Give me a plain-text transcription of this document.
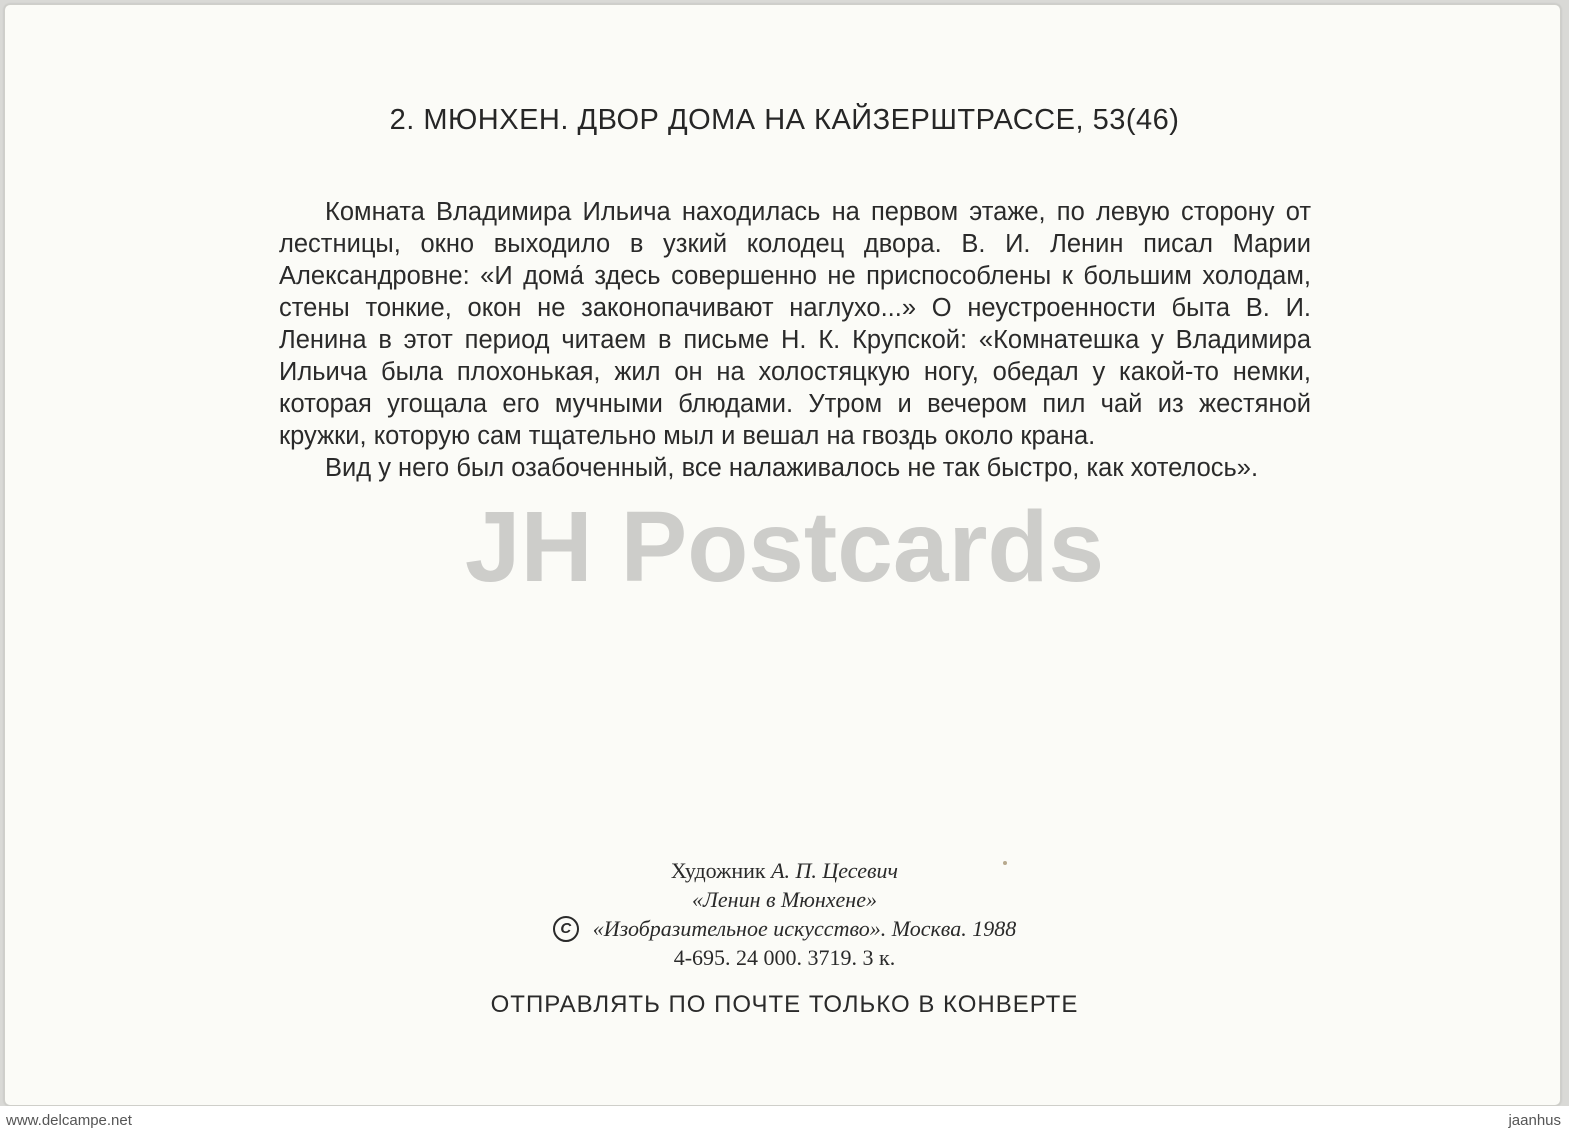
2. МЮНХЕН. ДВОР ДОМА НА КАЙЗЕРШТРАССЕ, 53(46)

Комната Владимира Ильича находилась на первом этаже, по левую сторону от лестницы, окно выходило в узкий колодец двора. В. И. Ленин писал Марии Александровне: «И дома́ здесь совершенно не приспособлены к большим холодам, стены тонкие, окон не законопачивают наглухо...» О неустроенности быта В. И. Ленина в этот период читаем в письме Н. К. Крупской: «Комнатешка у Владимира Ильича была плохонькая, жил он на холостяцкую ногу, обедал у какой-то немки, которая угощала его мучными блюдами. Утром и вечером пил чай из жестяной кружки, которую сам тщательно мыл и вешал на гвоздь около крана.

Вид у него был озабоченный, все налаживалось не так быстро, как хотелось».

JH Postcards
Художник А. П. Цесевич
«Ленин в Мюнхене»
C «Изобразительное искусство». Москва. 1988
4-695. 24 000. 3719. 3 к.
ОТПРАВЛЯТЬ ПО ПОЧТЕ ТОЛЬКО В КОНВЕРТЕ
www.delcampe.net	jaanhus
